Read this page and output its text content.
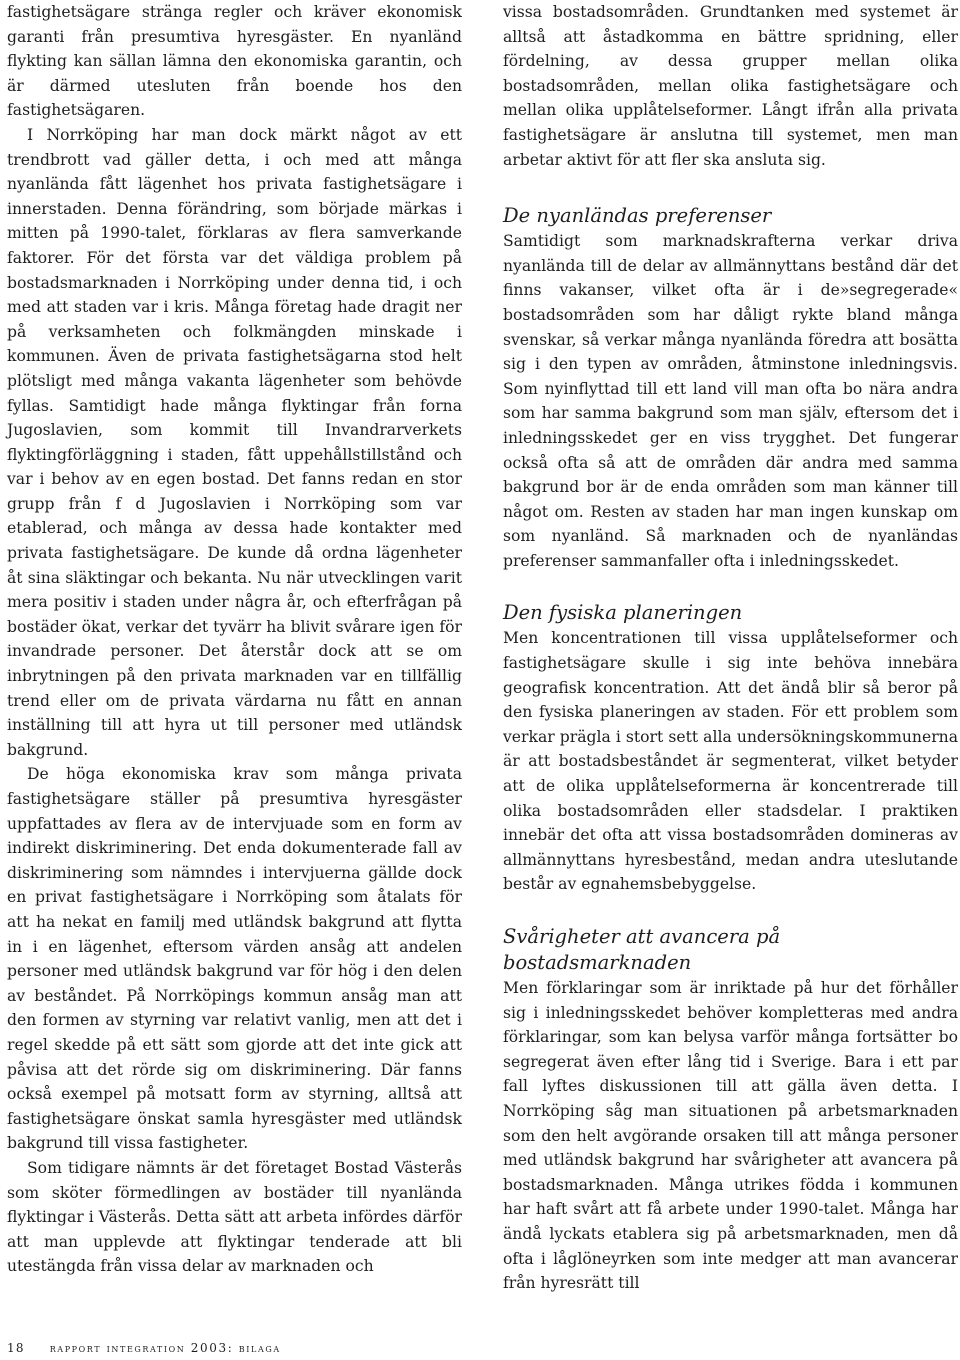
fastighetsägare stränga regler och kräver ekonomisk garanti från presumtiva hyresgäster. En nyanländ flykting kan sällan lämna den ekonomiska garantin, och är därmed utesluten från boende hos den fastighetsägaren.

I Norrköping har man dock märkt något av ett trendbrott vad gäller detta, i och med att många nyanlända fått lägenhet hos privata fastighetsägare i innerstaden. Denna förändring, som började märkas i mitten på 1990-talet, förklaras av flera samverkande faktorer. För det första var det väldiga problem på bostadsmarknaden i Norrköping under denna tid, i och med att staden var i kris. Många företag hade dragit ner på verksamheten och folkmängden minskade i kommunen. Även de privata fastighetsägarna stod helt plötsligt med många vakanta lägenheter som behövde fyllas. Samtidigt hade många flyktingar från forna Jugoslavien, som kommit till Invandrarverkets flyktingförläggning i staden, fått uppehållstillstånd och var i behov av en egen bostad. Det fanns redan en stor grupp från f d Jugoslavien i Norrköping som var etablerad, och många av dessa hade kontakter med privata fastighetsägare. De kunde då ordna lägenheter åt sina släktingar och bekanta. Nu när utvecklingen varit mera positiv i staden under några år, och efterfrågan på bostäder ökat, verkar det tyvärr ha blivit svårare igen för invandrade personer. Det återstår dock att se om inbrytningen på den privata marknaden var en tillfällig trend eller om de privata värdarna nu fått en annan inställning till att hyra ut till personer med utländsk bakgrund.

De höga ekonomiska krav som många privata fastighetsägare ställer på presumtiva hyresgäster uppfattades av flera av de intervjuade som en form av indirekt diskriminering. Det enda dokumenterade fall av diskriminering som nämndes i intervjuerna gällde dock en privat fastighetsägare i Norrköping som åtalats för att ha nekat en familj med utländsk bakgrund att flytta in i en lägenhet, eftersom värden ansåg att andelen personer med utländsk bakgrund var för hög i den delen av beståndet. På Norrköpings kommun ansåg man att den formen av styrning var relativt vanlig, men att det i regel skedde på ett sätt som gjorde att det inte gick att påvisa att det rörde sig om diskriminering. Där fanns också exempel på motsatt form av styrning, alltså att fastighetsägare önskat samla hyresgäster med utländsk bakgrund till vissa fastigheter.

Som tidigare nämnts är det företaget Bostad Västerås som sköter förmedlingen av bostäder till nyanlända flyktingar i Västerås. Detta sätt att arbeta infördes därför att man upplevde att flyktingar tenderade att bli utestängda från vissa delar av marknaden och

vissa bostadsområden. Grundtanken med systemet är alltså att åstadkomma en bättre spridning, eller fördelning, av dessa grupper mellan olika bostadsområden, mellan olika fastighetsägare och mellan olika upplåtelseformer. Långt ifrån alla privata fastighetsägare är anslutna till systemet, men man arbetar aktivt för att fler ska ansluta sig.

De nyanländas preferenser

Samtidigt som marknadskrafterna verkar driva nyanlända till de delar av allmännyttans bestånd där det finns vakanser, vilket ofta är i de»segregerade« bostadsområden som har dåligt rykte bland många svenskar, så verkar många nyanlända föredra att bosätta sig i den typen av områden, åtminstone inledningsvis. Som nyinflyttad till ett land vill man ofta bo nära andra som har samma bakgrund som man själv, eftersom det i inledningsskedet ger en viss trygghet. Det fungerar också ofta så att de områden där andra med samma bakgrund bor är de enda områden som man känner till något om. Resten av staden har man ingen kunskap om som nyanländ. Så marknaden och de nyanländas preferenser sammanfaller ofta i inledningsskedet.

Den fysiska planeringen

Men koncentrationen till vissa upplåtelseformer och fastighetsägare skulle i sig inte behöva innebära geografisk koncentration. Att det ändå blir så beror på den fysiska planeringen av staden. För ett problem som verkar prägla i stort sett alla undersökningskommunerna är att bostadsbeståndet är segmenterat, vilket betyder att de olika upplåtelseformerna är koncentrerade till olika bostadsområden eller stadsdelar. I praktiken innebär det ofta att vissa bostadsområden domineras av allmännyttans hyresbestånd, medan andra uteslutande består av egnahemsbebyggelse.

Svårigheter att avancera på bostadsmarknaden

Men förklaringar som är inriktade på hur det förhåller sig i inledningsskedet behöver kompletteras med andra förklaringar, som kan belysa varför många fortsätter bo segregerat även efter lång tid i Sverige. Bara i ett par fall lyftes diskussionen till att gälla även detta. I Norrköping såg man situationen på arbetsmarknaden som den helt avgörande orsaken till att många personer med utländsk bakgrund har svårigheter att avancera på bostadsmarknaden. Många utrikes födda i kommunen har haft svårt att få arbete under 1990-talet. Många har ändå lyckats etablera sig på arbetsmarknaden, men då ofta i låglöneyrken som inte medger att man avancerar från hyresrätt till

18 rapport integration 2003: bilaga
